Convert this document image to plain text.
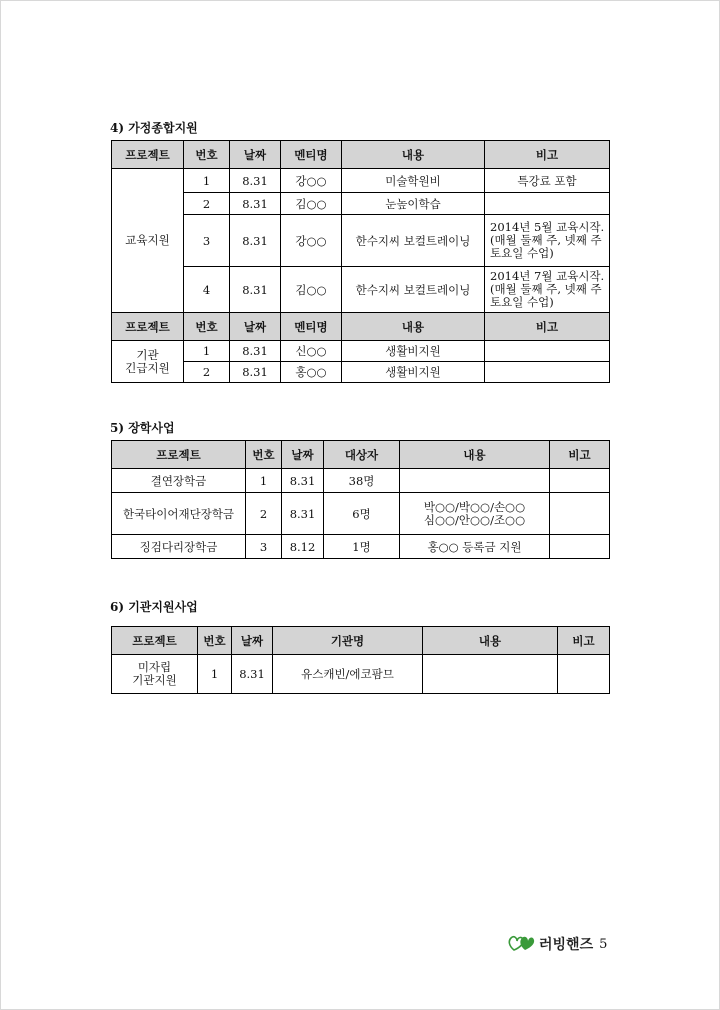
4) 가정종합지원
프로젝트	번호	날짜	멘티명	내용	비고
교육지원	1	8.31	강○○	미술학원비	특강료 포함
	2	8.31	김○○	눈높이학습	
	3	8.31	강○○	한수지씨 보컬트레이닝	2014년 5월 교육시작.
(매월 둘째 주, 넷째 주
토요일 수업)
	4	8.31	김○○	한수지씨 보컬트레이닝	2014년 7월 교육시작.
(매월 둘째 주, 넷째 주
토요일 수업)
프로젝트	번호	날짜	멘티명	내용	비고
기관
긴급지원	1	8.31	신○○	생활비지원	
	2	8.31	홍○○	생활비지원	
5) 장학사업
프로젝트	번호	날짜	대상자	내용	비고
결연장학금	1	8.31	38명		
한국타이어재단장학금	2	8.31	6명	박○○/박○○/손○○
심○○/안○○/조○○	
징검다리장학금	3	8.12	1명	홍○○ 등록금 지원	
6) 기관지원사업
프로젝트	번호	날짜	기관명	내용	비고
미자립
기관지원	1	8.31	유스캐빈/에코팜므		
러빙핸즈 5
